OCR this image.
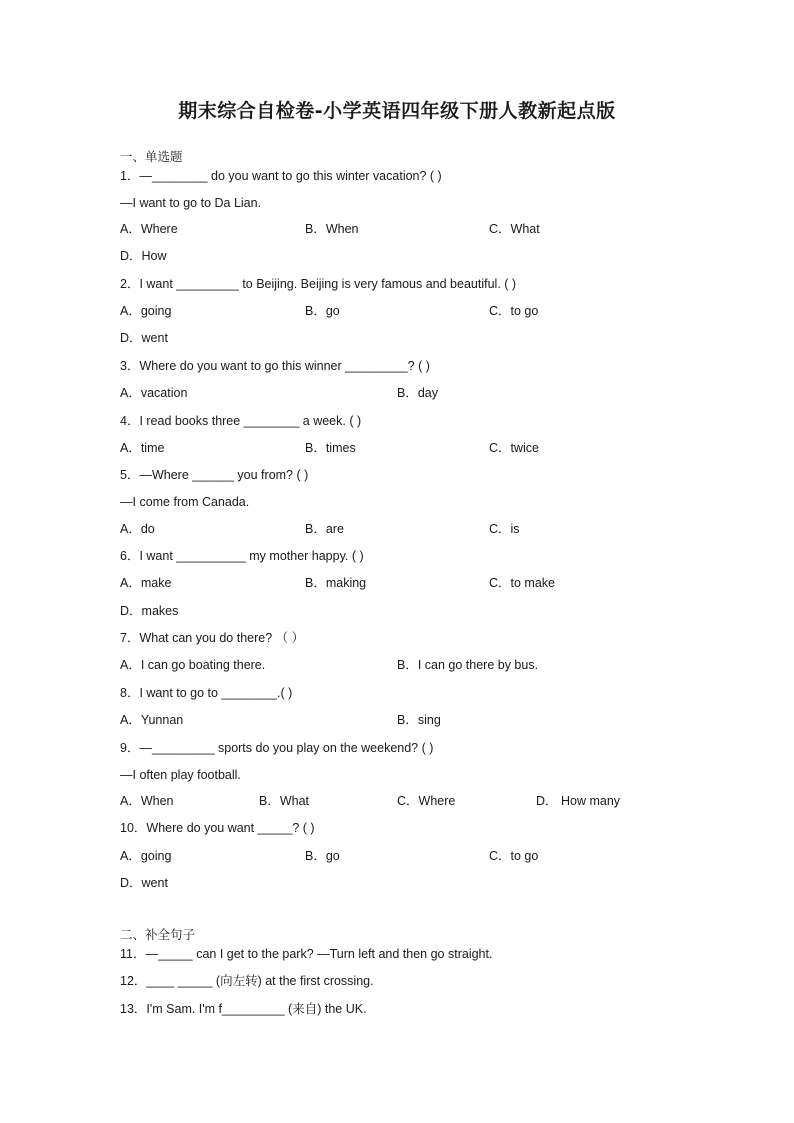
期末综合自检卷-小学英语四年级下册人教新起点版
一、单选题
1．—________ do you want to go this winter vacation? ( )
—I want to go to Da Lian.
A．Where	B．When	C．What
D．How
2．I want _________ to Beijing. Beijing is very famous and beautiful. ( )
A．going	B．go	C．to go
D．went
3．Where do you want to go this winner _________? ( )
A．vacation	B．day
4．I read books three ________ a week. ( )
A．time	B．times	C．twice
5．—Where ______ you from? ( )
—I come from Canada.
A．do	B．are	C．is
6．I want __________ my mother happy. ( )
A．make	B．making	C．to make
D．makes
7．What can you do there? （ ）
A．I can go boating there.	B．I can go there by bus.
8．I want to go to ________.( )
A．Yunnan	B．sing
9．—_________ sports do you play on the weekend? ( )
—I often play football.
A．When	B．What	C．Where	D． How many
10．Where do you want _____? ( )
A．going	B．go	C．to go
D．went
二、补全句子
11．—_____ can I get to the park? —Turn left and then go straight.
12．____ _____ (向左转) at the first crossing.
13．I'm Sam. I'm f_________ (来自) the UK.
